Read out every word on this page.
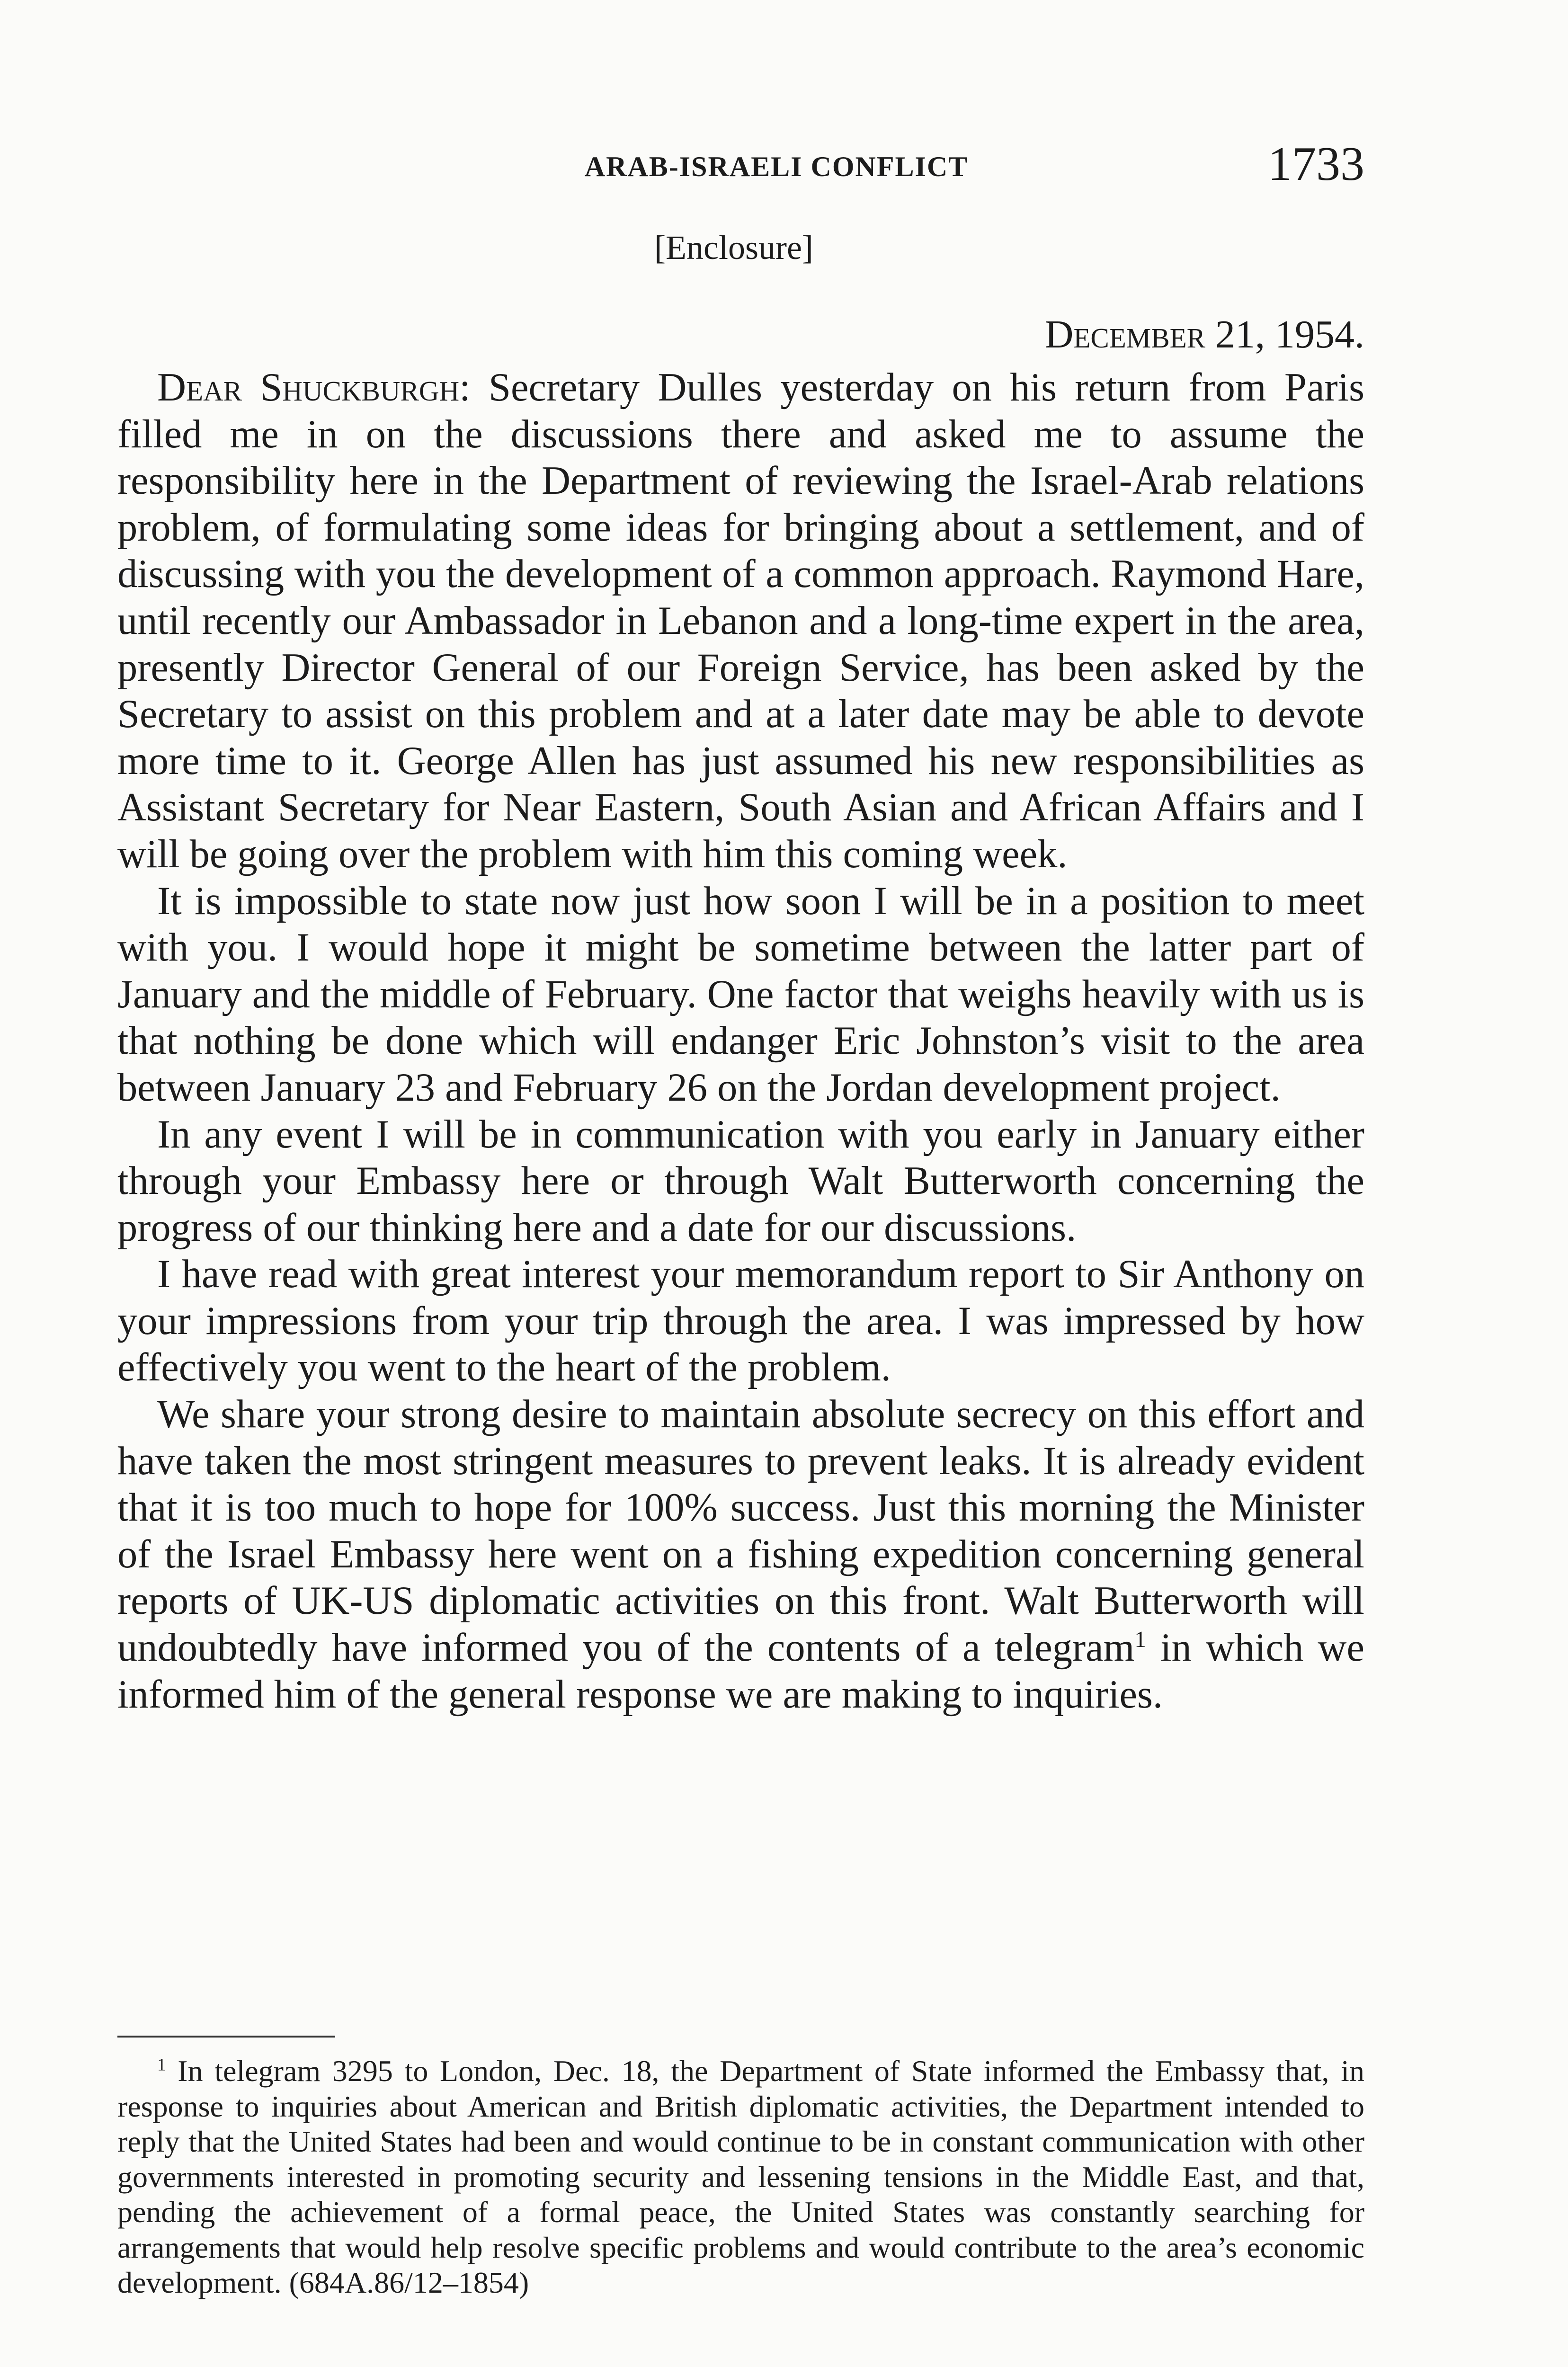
ARAB-ISRAELI CONFLICT	1733
[Enclosure]
December 21, 1954.

Dear Shuckburgh: Secretary Dulles yesterday on his return from Paris filled me in on the discussions there and asked me to assume the responsibility here in the Department of reviewing the Israel-Arab relations problem, of formulating some ideas for bringing about a settlement, and of discussing with you the development of a common approach. Raymond Hare, until recently our Ambassador in Lebanon and a long-time expert in the area, presently Director General of our Foreign Service, has been asked by the Secretary to assist on this problem and at a later date may be able to devote more time to it. George Allen has just assumed his new responsibilities as Assistant Secretary for Near Eastern, South Asian and African Affairs and I will be going over the problem with him this coming week.

It is impossible to state now just how soon I will be in a position to meet with you. I would hope it might be sometime between the latter part of January and the middle of February. One factor that weighs heavily with us is that nothing be done which will endanger Eric Johnston’s visit to the area between January 23 and February 26 on the Jordan development project.

In any event I will be in communication with you early in January either through your Embassy here or through Walt Butterworth concerning the progress of our thinking here and a date for our discussions.

I have read with great interest your memorandum report to Sir Anthony on your impressions from your trip through the area. I was impressed by how effectively you went to the heart of the problem.

We share your strong desire to maintain absolute secrecy on this effort and have taken the most stringent measures to prevent leaks. It is already evident that it is too much to hope for 100% success. Just this morning the Minister of the Israel Embassy here went on a fishing expedition concerning general reports of UK-US diplomatic activities on this front. Walt Butterworth will undoubtedly have informed you of the contents of a telegram$^1$ in which we informed him of the general response we are making to inquiries.

$^1$ In telegram 3295 to London, Dec. 18, the Department of State informed the Embassy that, in response to inquiries about American and British diplomatic activities, the Department intended to reply that the United States had been and would continue to be in constant communication with other governments interested in promoting security and lessening tensions in the Middle East, and that, pending the achievement of a formal peace, the United States was constantly searching for arrangements that would help resolve specific problems and would contribute to the area’s economic development. (684A.86/12–1854)
